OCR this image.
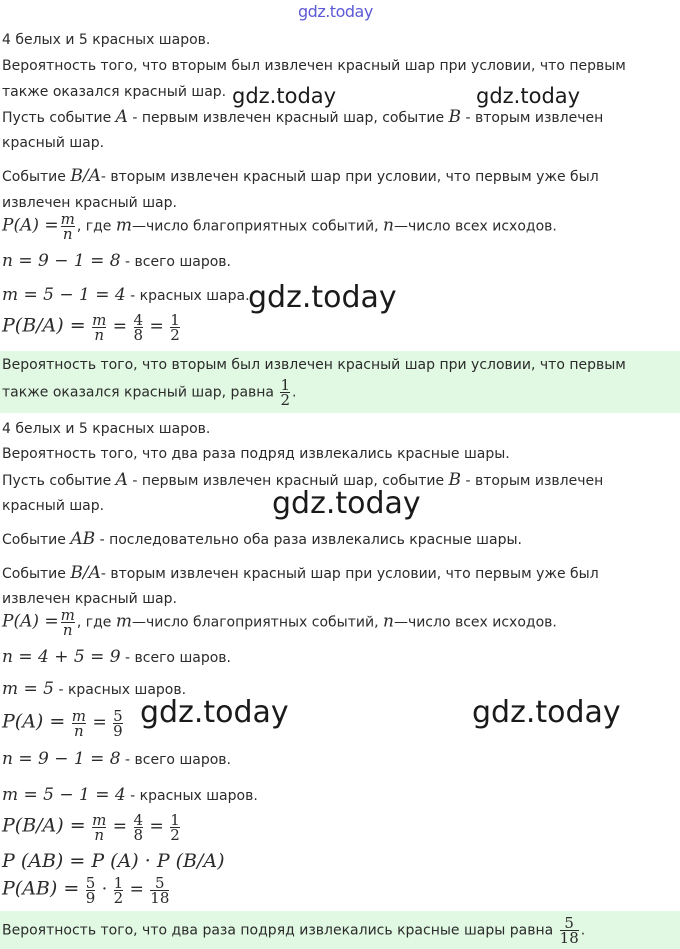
4 белых и 5 красных шаров.
Вероятность того, что вторым был извлечен красный шар при условии, что первым
также оказался красный шар.
Пусть событие A - первым извлечен красный шар, событие B - вторым извлечен
красный шар.
Событие B/A- вторым извлечен красный шар при условии, что первым уже был
извлечен красный шар.
$P(A) = \frac{m}{n}$ , где m—число благоприятных событий, n—число всех исходов.
n = 9 − 1 = 8 - всего шаров.
m = 5 − 1 = 4 - красных шара.
$P(B/A) = \frac{m}{n} = \frac{4}{8} = \frac{1}{2}$
Вероятность того, что вторым был извлечен красный шар при условии, что первым
также оказался красный шар, равна $\frac{1}{2}$ .
4 белых и 5 красных шаров.
Вероятность того, что два раза подряд извлекались красные шары.
Пусть событие A - первым извлечен красный шар, событие B - вторым извлечен
красный шар.
Событие AB - последовательно оба раза извлекались красные шары.
Событие B/A- вторым извлечен красный шар при условии, что первым уже был
извлечен красный шар.
$P(A) = \frac{m}{n}$ , где m—число благоприятных событий, n—число всех исходов.
n = 4 + 5 = 9 - всего шаров.
m = 5 - красных шаров.
$P(A) = \frac{m}{n} = \frac{5}{9}$
n = 9 − 1 = 8 - всего шаров.
m = 5 − 1 = 4 - красных шаров.
$P(B/A) = \frac{m}{n} = \frac{4}{8} = \frac{1}{2}$
P (AB) = P (A) · P (B/A)
$P(AB) = \frac{5}{9} \cdot \frac{1}{2} = \frac{5}{18}$
Вероятность того, что два раза подряд извлекались красные шары равна $\frac{5}{18}$ .
gdz.today
gdz.today	gdz.today
gdz.today
gdz.today
gdz.today	gdz.today
